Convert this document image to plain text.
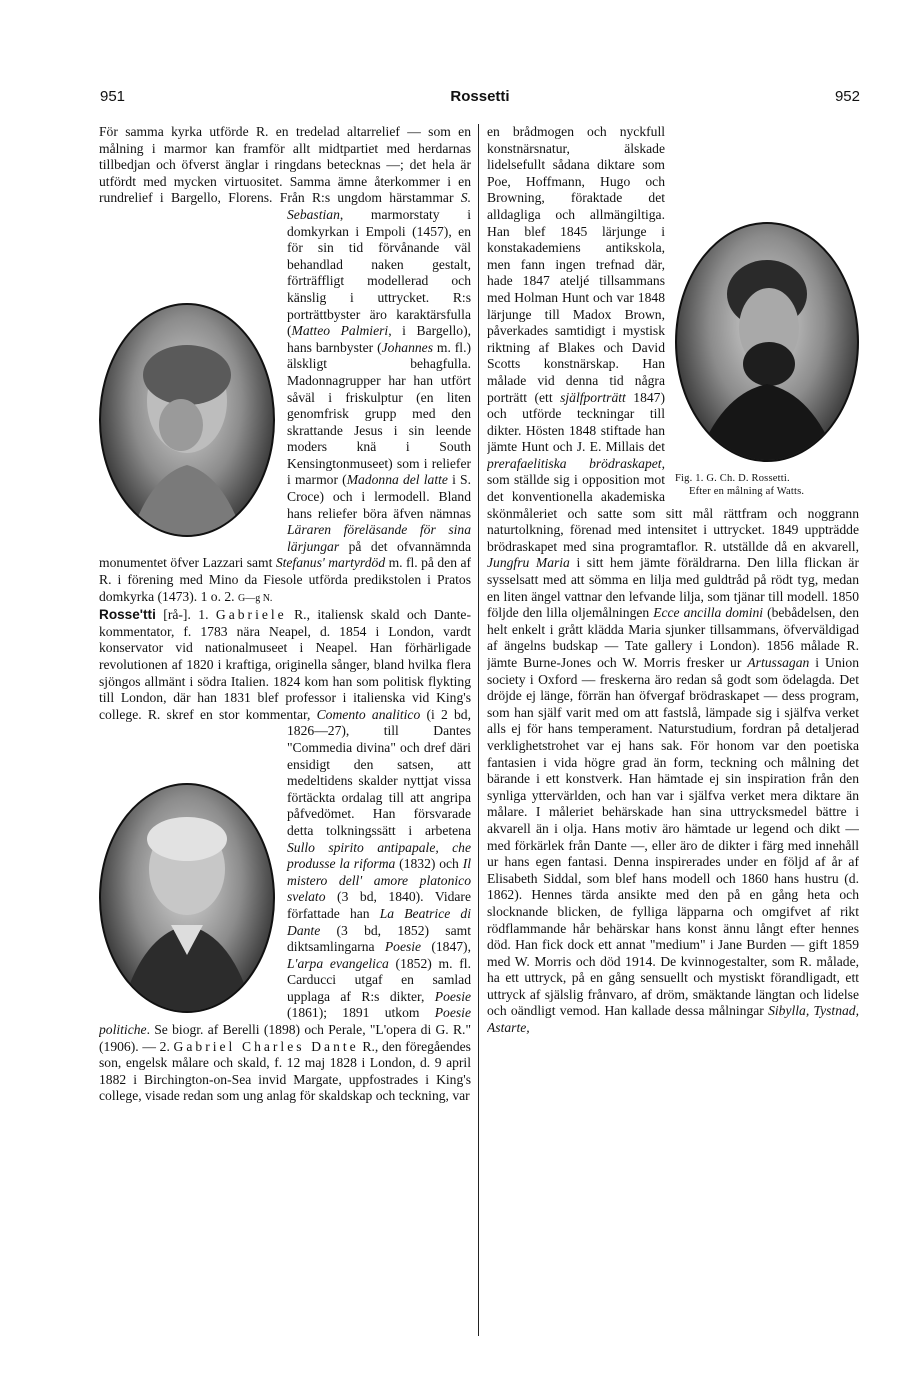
951	Rossetti	952

För samma kyrka utförde R. en tredelad altarrelief — som en målning i marmor kan framför allt midtpartiet med herdarnas tillbedjan och öfverst änglar i ringdans betecknas —; det hela är utfördt med mycken virtuositet. Samma ämne återkommer i en rundrelief i Bargello, Florens. Från R:s ungdom härstammar S. Sebastian, marmorstaty i domkyrkan i Empoli (1457), en för sin tid förvånande väl behandlad naken gestalt, förträffligt modellerad och känslig i uttrycket. R:s porträttbyster äro karaktärsfulla (Matteo Palmieri, i Bargello), hans barnbyster (Johannes m. fl.) älskligt behagfulla. Madonnagrupper har han utfört såväl i friskulptur (en liten genomfrisk grupp med den skrattande Jesus i sin leende moders knä i South Kensingtonmuseet) som i reliefer i marmor (Madonna del latte i S. Croce) och i lermodell. Bland hans reliefer böra äfven nämnas Läraren föreläsande för sina lärjungar på det ofvannämnda monumentet öfver Lazzari samt Stefanus' martyrdöd m. fl. på den af R. i förening med Mino da Fiesole utförda predikstolen i Pratos domkyrka (1473). 1 o. 2. G—g N.

Rosse'tti [rå-]. 1. Gabriele R., italiensk skald och Dante-kommentator, f. 1783 nära Neapel, d. 1854 i London, vardt konservator vid nationalmuseet i Neapel. Han förhärligade revolutionen af 1820 i kraftiga, originella sånger, bland hvilka flera sjöngos allmänt i södra Italien. 1824 kom han som politisk flykting till London, där han 1831 blef professor i italienska vid King's college. R. skref en stor kommentar, Comento analitico (i 2 bd, 1826—27), till Dantes "Commedia divina" och dref däri ensidigt den satsen, att medeltidens skalder nyttjat vissa förtäckta ordalag till att angripa påfvedömet. Han försvarade detta tolkningssätt i arbetena Sullo spirito antipapale, che produsse la riforma (1832) och Il mistero dell' amore platonico svelato (3 bd, 1840). Vidare författade han La Beatrice di Dante (3 bd, 1852) samt diktsamlingarna Poesie (1847), L'arpa evangelica (1852) m. fl. Carducci utgaf en samlad upplaga af R:s dikter, Poesie (1861); 1891 utkom Poesie politiche. Se biogr. af Berelli (1898) och Perale, "L'opera di G. R." (1906). — 2. Gabriel Charles Dante R., den föregåendes son, engelsk målare och skald, f. 12 maj 1828 i London, d. 9 april 1882 i Birchington-on-Sea invid Margate, uppfostrades i King's college, visade redan som ung anlag för skaldskap och teckning, var

Fig. 1. G. Ch. D. Rossetti.
Efter en målning af Watts.
en brådmogen och nyckfull konstnärsnatur, älskade lidelsefullt sådana diktare som Poe, Hoffmann, Hugo och Browning, föraktade det alldagliga och allmängiltiga. Han blef 1845 lärjunge i konstakademiens antikskola, men fann ingen trefnad där, hade 1847 ateljé tillsammans med Holman Hunt och var 1848 lärjunge till Madox Brown, påverkades samtidigt i mystisk riktning af Blakes och David Scotts konstnärskap. Han målade vid denna tid några porträtt (ett själfporträtt 1847) och utförde teckningar till dikter. Hösten 1848 stiftade han jämte Hunt och J. E. Millais det prerafaelitiska brödraskapet, som ställde sig i opposition mot det konventionella akademiska skönmåleriet och satte som sitt mål rättfram och noggrann naturtolkning, förenad med intensitet i uttrycket. 1849 uppträdde brödraskapet med sina programtaflor. R. utställde då en akvarell, Jungfru Maria i sitt hem jämte föräldrarna. Den lilla flickan är sysselsatt med att sömma en lilja med guldtråd på rödt tyg, medan en liten ängel vattnar den lefvande lilja, som tjänar till modell. 1850 följde den lilla oljemålningen Ecce ancilla domini (bebådelsen, den helt enkelt i grått klädda Maria sjunker tillsammans, öfverväldigad af ängelns budskap — Tate gallery i London). 1856 målade R. jämte Burne-Jones och W. Morris fresker ur Artussagan i Union society i Oxford — freskerna äro redan så godt som ödelagda. Det dröjde ej länge, förrän han öfvergaf brödraskapet — dess program, som han själf varit med om att fastslå, lämpade sig i själfva verket alls ej för hans temperament. Naturstudium, fordran på detaljerad verklighetstrohet var ej hans sak. För honom var den poetiska fantasien i vida högre grad än form, teckning och målning det bärande i ett konstverk. Han hämtade ej sin inspiration från den synliga yttervärlden, och han var i själfva verket mera diktare än målare. I måleriet behärskade han sina uttrycksmedel bättre i akvarell än i olja. Hans motiv äro hämtade ur legend och dikt — med förkärlek från Dante —, eller äro de dikter i färg med innehåll ur hans egen fantasi. Denna inspirerades under en följd af år af Elisabeth Siddal, som blef hans modell och 1860 hans hustru (d. 1862). Hennes tärda ansikte med den på en gång heta och slocknande blicken, de fylliga läpparna och omgifvet af rikt rödflammande hår behärskar hans konst ännu långt efter hennes död. Han fick dock ett annat "medium" i Jane Burden — gift 1859 med W. Morris och död 1914. De kvinnogestalter, som R. målade, ha ett uttryck, på en gång sensuellt och mystiskt förandligadt, ett uttryck af själslig frånvaro, af dröm, smäktande längtan och lidelse och oändligt vemod. Han kallade dessa målningar Sibylla, Tystnad, Astarte,
